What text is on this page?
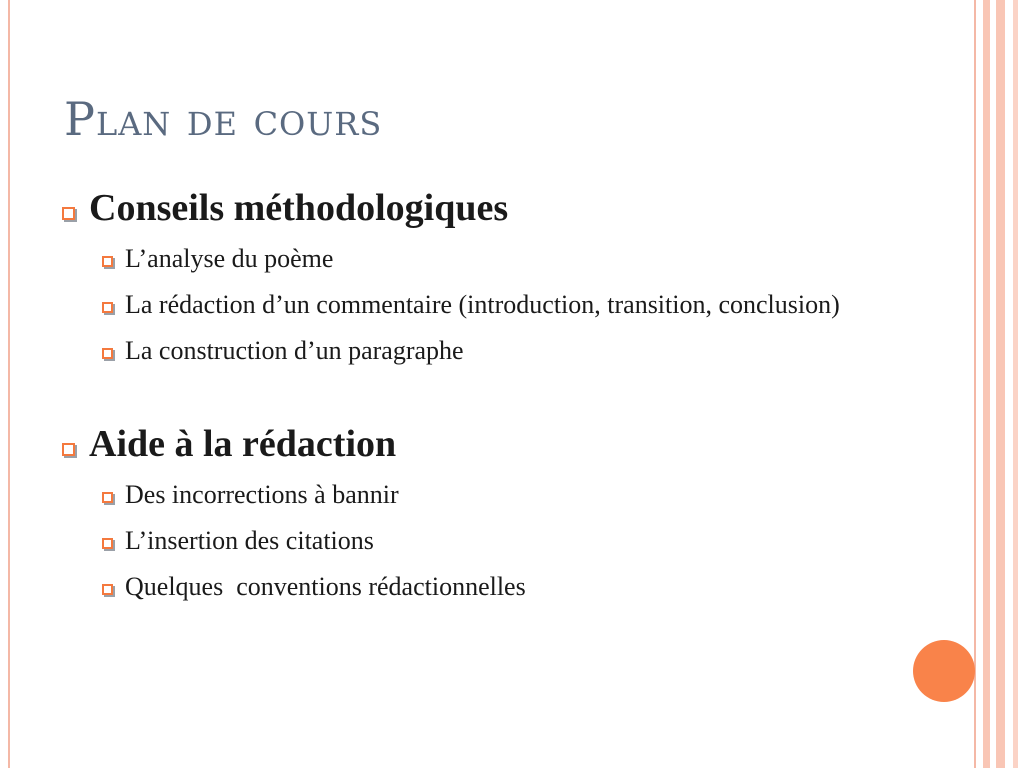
Plan de cours
Conseils méthodologiques
L’analyse du poème
La rédaction d’un commentaire (introduction, transition, conclusion)
La construction d’un paragraphe
Aide à la rédaction
Des incorrections à bannir
L’insertion des citations
Quelques  conventions rédactionnelles
